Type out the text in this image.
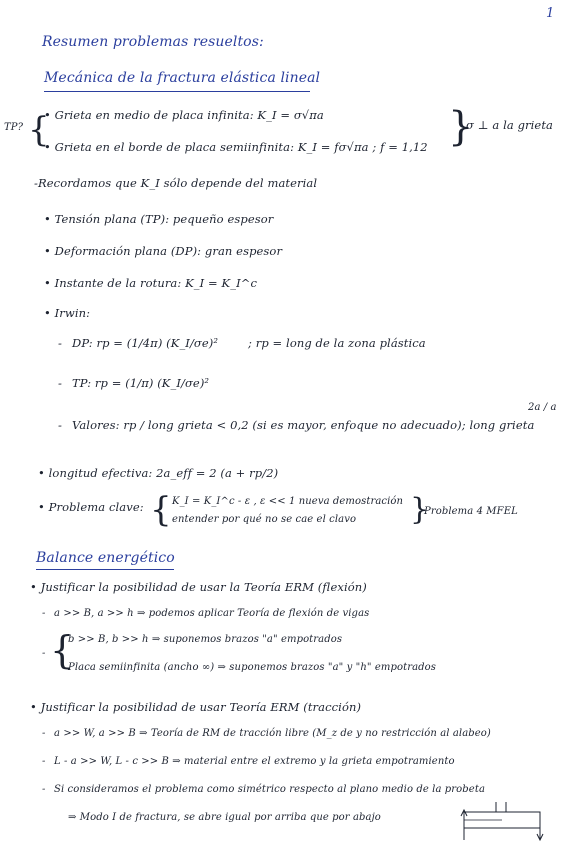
1
Resumen problemas resueltos:
Mecánica de la fractura elástica lineal
TP? {
• Grieta en medio de placa infinita: K_I = σ√πa
• Grieta en el borde de placa semiinfinita: K_I = fσ√πa ; f = 1,12 }
σ ⊥ a la grieta
Recordamos que K_I sólo depende del material
-
• Tensión plana (TP): pequeño espesor
• Deformación plana (DP): gran espesor
• Instante de la rotura: K_I = K_I^c
• Irwin:
- DP: rp = (1/4π) (K_I/σe)²	; rp = long de la zona plástica
- TP: rp = (1/π) (K_I/σe)²
- Valores: rp / long grieta < 0,2 (si es mayor, enfoque no adecuado); long grieta
2a / a
• longitud efectiva: 2a_eff = 2 (a + rp/2)
• Problema clave: { K_I = K_I^c - ε , ε << 1 nueva demostración
entender por qué no se cae el clavo }
Problema 4 MFEL
Balance energético
• Justificar la posibilidad de usar la Teoría ERM (flexión)
- a >> B, a >> h ⇒ podemos aplicar Teoría de flexión de vigas
{
-
b >> B, b >> h ⇒ suponemos brazos "a" empotrados
Placa semiinfinita (ancho ∞) ⇒ suponemos brazos "a" y "h" empotrados
• Justificar la posibilidad de usar Teoría ERM (tracción)
- a >> W, a >> B ⇒ Teoría de RM de tracción libre (M_z de y no restricción al alabeo)
- L - a >> W, L - c >> B ⇒ material entre el extremo y la grieta empotramiento
- Si consideramos el problema como simétrico respecto al plano medio de la probeta
⇒ Modo I de fractura, se abre igual por arriba que por abajo
